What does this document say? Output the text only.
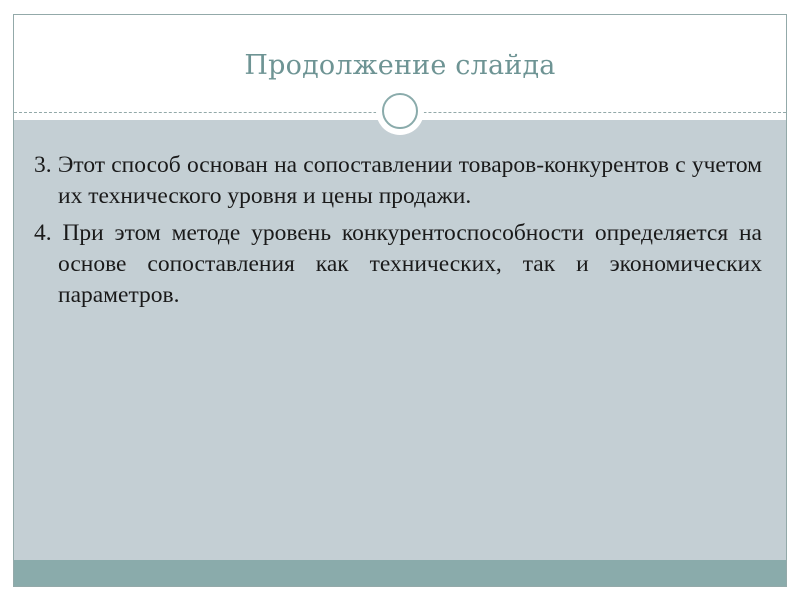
Продолжение слайда

3. Этот способ основан на сопоставлении товаров-конкурентов с учетом их технического уровня и цены продажи.

4. При этом методе уровень конкурентоспособности определяется на основе сопоставления как технических, так и экономических параметров.
